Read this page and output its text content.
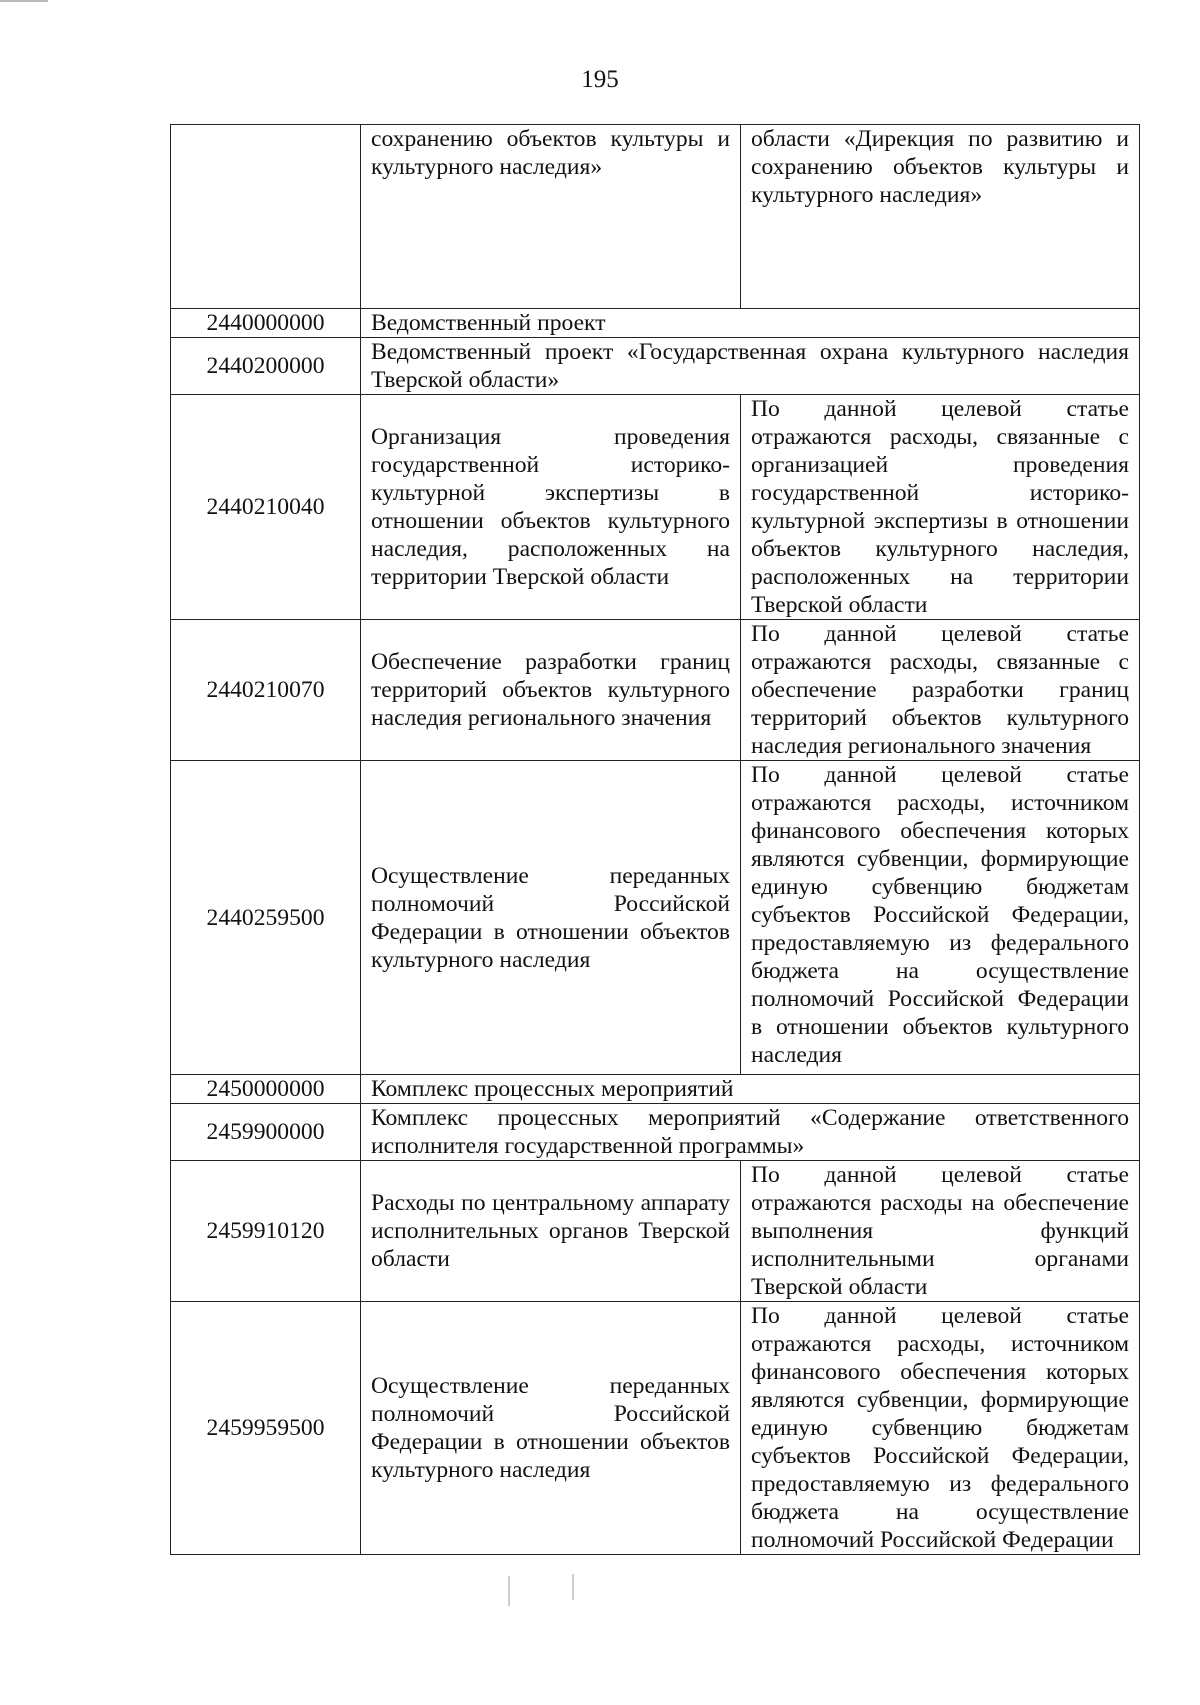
195
	сохранению объектов культуры и культурного наследия»	области «Дирекция по развитию и сохранению объектов культуры и культурного наследия»
2440000000	Ведомственный проект	
2440200000	Ведомственный проект «Государственная охрана культурного наследия Тверской области»	
2440210040	Организация проведения государственной историко-культурной экспертизы в отношении объектов культурного наследия, расположенных на территории Тверской области	По данной целевой статье отражаются расходы, связанные с организацией проведения государственной историко-культурной экспертизы в отношении объектов культурного наследия, расположенных на территории Тверской области
2440210070	Обеспечение разработки границ территорий объектов культурного наследия регионального значения	По данной целевой статье отражаются расходы, связанные с обеспечение разработки границ территорий объектов культурного наследия регионального значения
2440259500	Осуществление переданных полномочий Российской Федерации в отношении объектов культурного наследия	По данной целевой статье отражаются расходы, источником финансового обеспечения которых являются субвенции, формирующие единую субвенцию бюджетам субъектов Российской Федерации, предоставляемую из федерального бюджета на осуществление полномочий Российской Федерации в отношении объектов культурного наследия
2450000000	Комплекс процессных мероприятий	
2459900000	Комплекс процессных мероприятий «Содержание ответственного исполнителя государственной программы»	
2459910120	Расходы по центральному аппарату исполнительных органов Тверской области	По данной целевой статье отражаются расходы на обеспечение выполнения функций исполнительными органами Тверской области
2459959500	Осуществление переданных полномочий Российской Федерации в отношении объектов культурного наследия	По данной целевой статье отражаются расходы, источником финансового обеспечения которых являются субвенции, формирующие единую субвенцию бюджетам субъектов Российской Федерации, предоставляемую из федерального бюджета на осуществление полномочий Российской Федерации
